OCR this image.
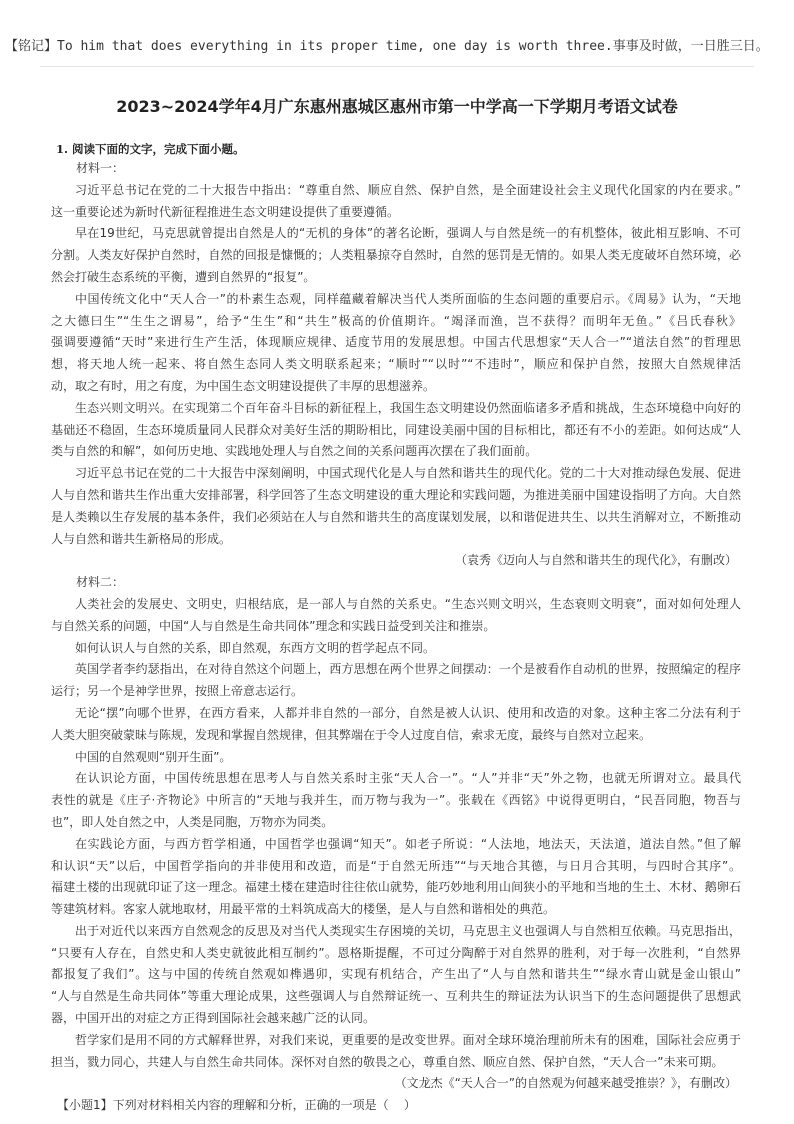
【铭记】To him that does everything in its proper time, one day is worth three.事事及时做，一日胜三日。
2023~2024学年4月广东惠州惠城区惠州市第一中学高一下学期月考语文试卷
1. 阅读下面的文字，完成下面小题。
材料一：
习近平总书记在党的二十大报告中指出：“尊重自然、顺应自然、保护自然，是全面建设社会主义现代化国家的内在要求。”
这一重要论述为新时代新征程推进生态文明建设提供了重要遵循。
早在19世纪，马克思就曾提出自然是人的“无机的身体”的著名论断，强调人与自然是统一的有机整体，彼此相互影响、不可
分割。人类友好保护自然时，自然的回报是慷慨的；人类粗暴掠夺自然时，自然的惩罚是无情的。如果人类无度破坏自然环境，必
然会打破生态系统的平衡，遭到自然界的“报复”。
中国传统文化中“天人合一”的朴素生态观，同样蕴藏着解决当代人类所面临的生态问题的重要启示。《周易》认为，“天地
之大德曰生”“生生之谓易”，给予“生生”和“共生”极高的价值期许。“竭泽而渔，岂不获得？而明年无鱼。”《吕氏春秋》
强调要遵循“天时”来进行生产生活，体现顺应规律、适度节用的发展思想。中国古代思想家“天人合一”“道法自然”的哲理思
想，将天地人统一起来、将自然生态同人类文明联系起来；“顺时”“以时”“不违时”，顺应和保护自然，按照大自然规律活
动，取之有时，用之有度，为中国生态文明建设提供了丰厚的思想滋养。
生态兴则文明兴。在实现第二个百年奋斗目标的新征程上，我国生态文明建设仍然面临诸多矛盾和挑战，生态环境稳中向好的
基础还不稳固，生态环境质量同人民群众对美好生活的期盼相比，同建设美丽中国的目标相比，都还有不小的差距。如何达成“人
类与自然的和解”，如何历史地、实践地处理人与自然之间的关系问题再次摆在了我们面前。
习近平总书记在党的二十大报告中深刻阐明，中国式现代化是人与自然和谐共生的现代化。党的二十大对推动绿色发展、促进
人与自然和谐共生作出重大安排部署，科学回答了生态文明建设的重大理论和实践问题，为推进美丽中国建设指明了方向。大自然
是人类赖以生存发展的基本条件，我们必须站在人与自然和谐共生的高度谋划发展，以和谐促进共生、以共生消解对立，不断推动
人与自然和谐共生新格局的形成。
（袁秀《迈向人与自然和谐共生的现代化》，有删改）
材料二：
人类社会的发展史、文明史，归根结底，是一部人与自然的关系史。“生态兴则文明兴，生态衰则文明衰”，面对如何处理人
与自然关系的问题，中国“人与自然是生命共同体”理念和实践日益受到关注和推崇。
如何认识人与自然的关系，即自然观，东西方文明的哲学起点不同。
英国学者李约瑟指出，在对待自然这个问题上，西方思想在两个世界之间摆动：一个是被看作自动机的世界，按照编定的程序
运行；另一个是神学世界，按照上帝意志运行。
无论“摆”向哪个世界，在西方看来，人都并非自然的一部分，自然是被人认识、使用和改造的对象。这种主客二分法有利于
人类大胆突破蒙昧与陈规，发现和掌握自然规律，但其弊端在于令人过度自信，索求无度，最终与自然对立起来。
中国的自然观则“别开生面”。
在认识论方面，中国传统思想在思考人与自然关系时主张“天人合一”。“人”并非“天”外之物，也就无所谓对立。最具代
表性的就是《庄子·齐物论》中所言的“天地与我并生，而万物与我为一”。张载在《西铭》中说得更明白，“民吾同胞，物吾与
也”，即人处自然之中，人类是同胞，万物亦为同类。
在实践论方面，与西方哲学相通，中国哲学也强调“知天”。如老子所说：“人法地，地法天，天法道，道法自然。”但了解
和认识“天”以后，中国哲学指向的并非使用和改造，而是“于自然无所违”“与天地合其德，与日月合其明，与四时合其序”。
福建土楼的出现就印证了这一理念。福建土楼在建造时往往依山就势，能巧妙地利用山间狭小的平地和当地的生土、木材、鹅卵石
等建筑材料。客家人就地取材，用最平常的土料筑成高大的楼堡，是人与自然和谐相处的典范。
出于对近代以来西方自然观念的反思及对当代人类现实生存困境的关切，马克思主义也强调人与自然相互依赖。马克思指出，
“只要有人存在，自然史和人类史就彼此相互制约”。恩格斯提醒，不可过分陶醉于对自然界的胜利，对于每一次胜利，“自然界
都报复了我们”。这与中国的传统自然观如榫遇卯，实现有机结合，产生出了“人与自然和谐共生”“绿水青山就是金山银山”
“人与自然是生命共同体”等重大理论成果，这些强调人与自然辩证统一、互利共生的辩证法为认识当下的生态问题提供了思想武
器，中国开出的对症之方正得到国际社会越来越广泛的认同。
哲学家们是用不同的方式解释世界，对我们来说，更重要的是改变世界。面对全球环境治理前所未有的困难，国际社会应勇于
担当，戮力同心，共建人与自然生命共同体。深怀对自然的敬畏之心，尊重自然、顺应自然、保护自然，“天人合一”未来可期。
（文龙杰《“天人合一”的自然观为何越来越受推崇？》，有删改）
【小题1】下列对材料相关内容的理解和分析，正确的一项是（    ）
